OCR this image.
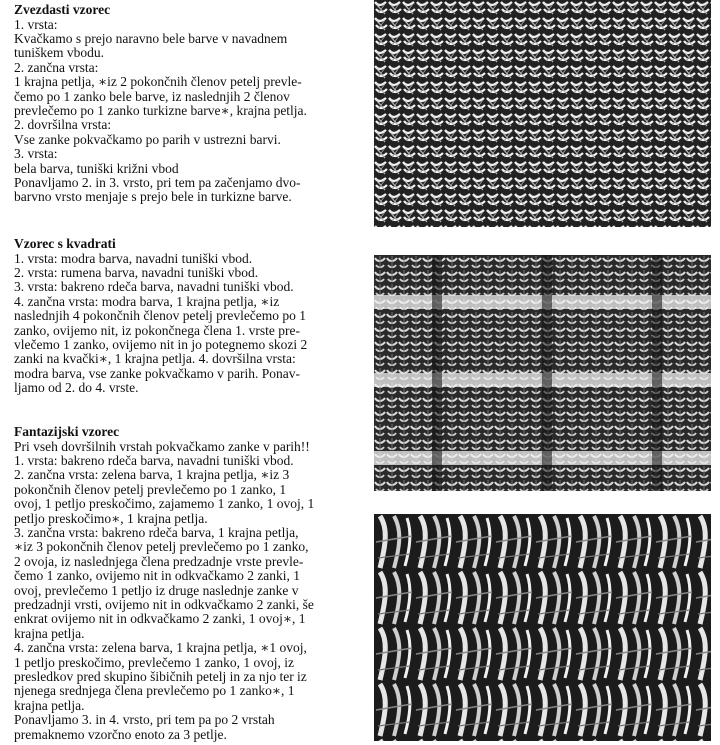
Zvezdasti vzorec
1. vrsta:
Kvačkamo s prejo naravno bele barve v navadnem
tuniškem vbodu.
2. zančna vrsta:
1 krajna petlja, ∗iz 2 pokončnih členov petelj prevle-
čemo po 1 zanko bele barve, iz naslednjih 2 členov
prevlečemo po 1 zanko turkizne barve∗, krajna petlja.
2. dovršilna vrsta:
Vse zanke pokvačkamo po parih v ustrezni barvi.
3. vrsta:
bela barva, tuniški križni vbod
Ponavljamo 2. in 3. vrsto, pri tem pa začenjamo dvo-
barvno vrsto menjaje s prejo bele in turkizne barve.
Vzorec s kvadrati
1. vrsta: modra barva, navadni tuniški vbod.
2. vrsta: rumena barva, navadni tuniški vbod.
3. vrsta: bakreno rdeča barva, navadni tuniški vbod.
4. zančna vrsta: modra barva, 1 krajna petlja, ∗iz
naslednjih 4 pokončnih členov petelj prevlečemo po 1
zanko, ovijemo nit, iz pokončnega člena 1. vrste pre-
vlečemo 1 zanko, ovijemo nit in jo potegnemo skozi 2
zanki na kvački∗, 1 krajna petlja. 4. dovršilna vrsta:
modra barva, vse zanke pokvačkamo v parih. Ponav-
ljamo od 2. do 4. vrste.
Fantazijski vzorec
Pri vseh dovršilnih vrstah pokvačkamo zanke v parih!!
1. vrsta: bakreno rdeča barva, navadni tuniški vbod.
2. zančna vrsta: zelena barva, 1 krajna petlja, ∗iz 3
pokončnih členov petelj prevlečemo po 1 zanko, 1
ovoj, 1 petljo preskočimo, zajamemo 1 zanko, 1 ovoj, 1
petljo preskočimo∗, 1 krajna petlja.
3. zančna vrsta: bakreno rdeča barva, 1 krajna petlja,
∗iz 3 pokončnih členov petelj prevlečemo po 1 zanko,
2 ovoja, iz naslednjega člena predzadnje vrste prevle-
čemo 1 zanko, ovijemo nit in odkvačkamo 2 zanki, 1
ovoj, prevlečemo 1 petljo iz druge naslednje zanke v
predzadnji vrsti, ovijemo nit in odkvačkamo 2 zanki, še
enkrat ovijemo nit in odkvačkamo 2 zanki, 1 ovoj∗, 1
krajna petlja.
4. zančna vrsta: zelena barva, 1 krajna petlja, ∗1 ovoj,
1 petljo preskočimo, prevlečemo 1 zanko, 1 ovoj, iz
presledkov pred skupino šibičnih petelj in za njo ter iz
njenega srednjega člena prevlečemo po 1 zanko∗, 1
krajna petlja.
Ponavljamo 3. in 4. vrsto, pri tem pa po 2 vrstah
premaknemo vzorčno enoto za 3 petlje.
